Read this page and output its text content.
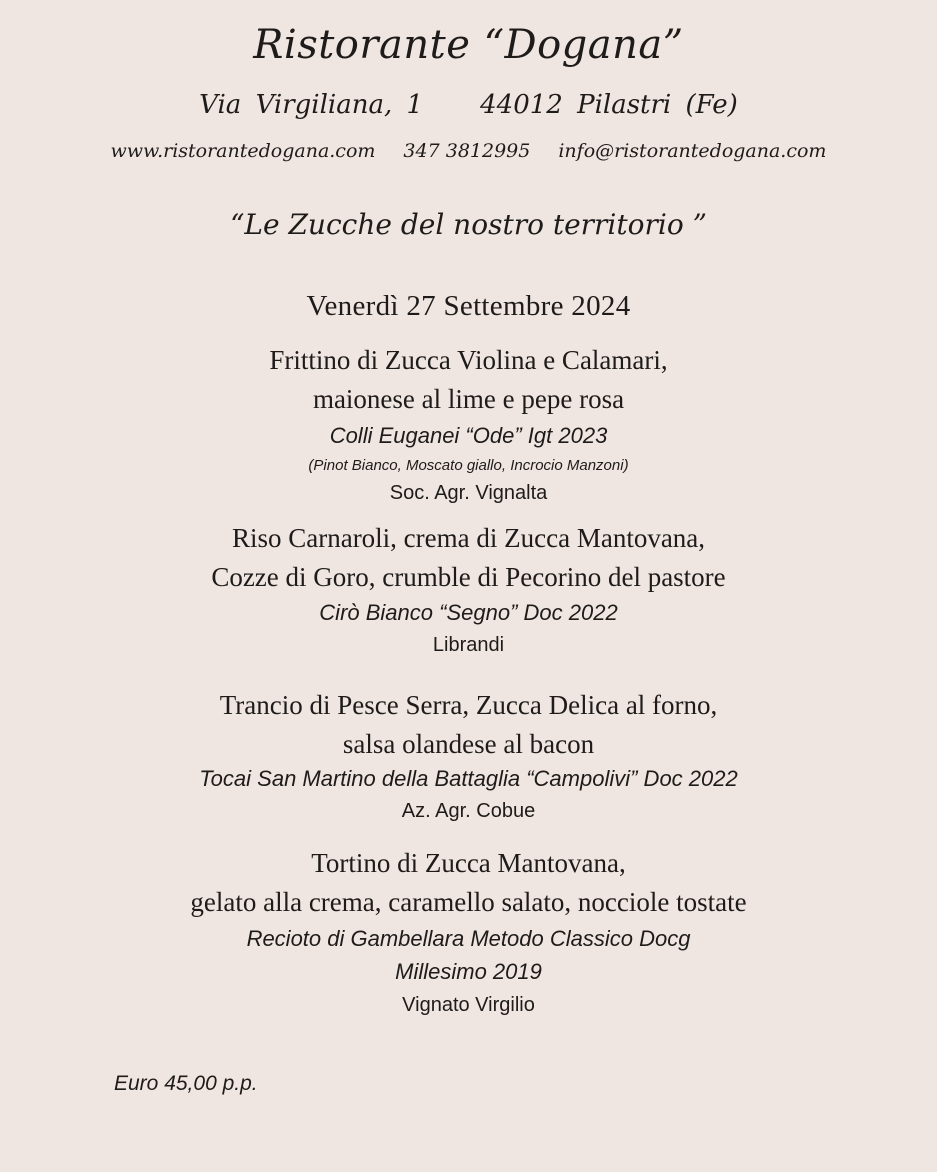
Ristorante “Dogana”
Via Virgiliana, 1 44012 Pilastri (Fe)
www.ristorantedogana.com 347 3812995 info@ristorantedogana.com
“Le Zucche del nostro territorio ”
Venerdì 27 Settembre 2024
Frittino di Zucca Violina e Calamari,
maionese al lime e pepe rosa
Colli Euganei “Ode” Igt 2023
(Pinot Bianco, Moscato giallo, Incrocio Manzoni)
Soc. Agr. Vignalta
Riso Carnaroli, crema di Zucca Mantovana,
Cozze di Goro, crumble di Pecorino del pastore
Cirò Bianco “Segno” Doc 2022
Librandi
Trancio di Pesce Serra, Zucca Delica al forno,
salsa olandese al bacon
Tocai San Martino della Battaglia “Campolivi” Doc 2022
Az. Agr. Cobue
Tortino di Zucca Mantovana,
gelato alla crema, caramello salato, nocciole tostate
Recioto di Gambellara Metodo Classico Docg
Millesimo 2019
Vignato Virgilio
Euro 45,00 p.p.
